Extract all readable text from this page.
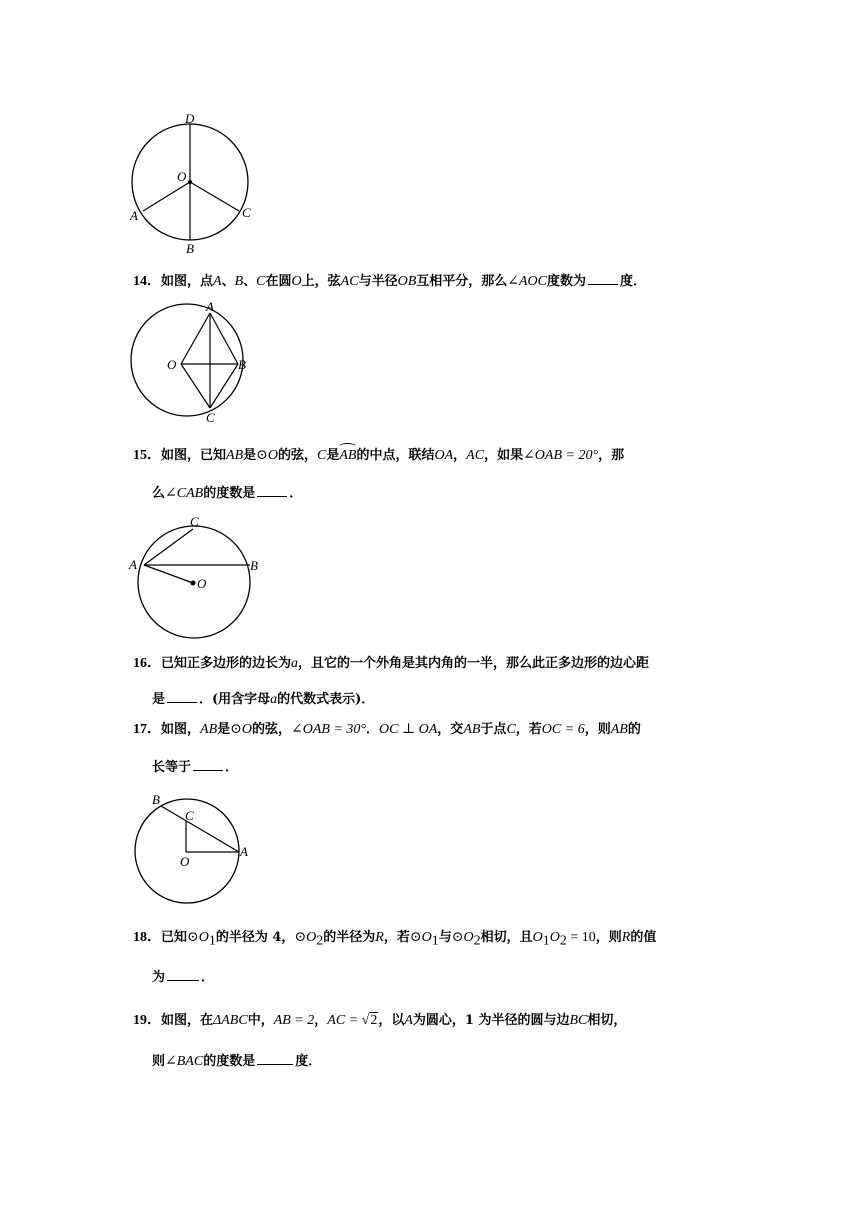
D
O
A	C
B
14．如图，点A、B、C在圆O上，弦AC与半径OB互相平分，那么∠AOC度数为	度．
A
O	B
C
15．如图，已知AB是⊙O的弦，C是AB的中点，联结OA，AC，如果∠OAB = 20°，那
么∠CAB的度数是	．
C
A	B
O
16．已知正多边形的边长为a，且它的一个外角是其内角的一半，那么此正多边形的边心距
是	．(用含字母a的代数式表示)．
17．如图，AB是⊙O的弦，∠OAB = 30°．OC ⊥ OA，交AB于点C，若OC = 6，则AB的
长等于	．
B
C
O
A
18．已知$⊙O_1$的半径为 4，$⊙O_2$的半径为R，若$⊙O_1$与$⊙O_2$相切，且$O_1O_2 = 10$，则R的值
为	．
19．如图，在ΔABC中，AB = 2，AC = √2，以A为圆心，1 为半径的圆与边BC相切，
则∠BAC的度数是	度．
